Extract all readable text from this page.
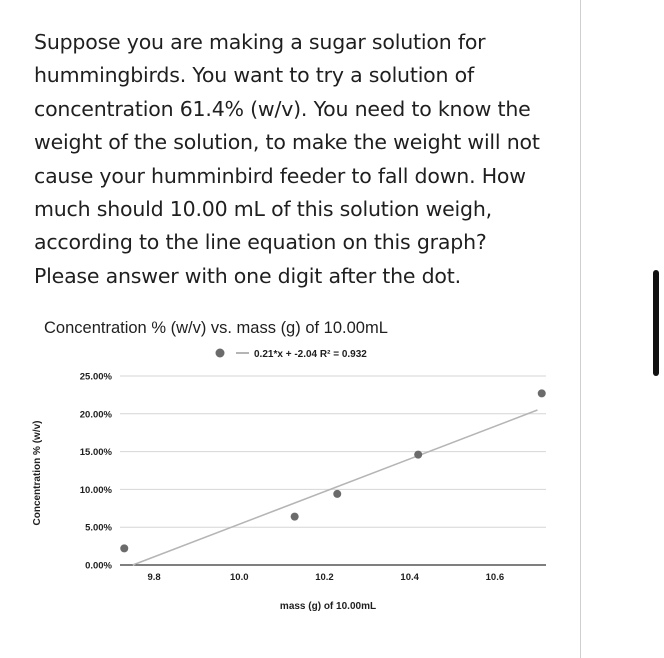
Suppose you are making a sugar solution for hummingbirds. You want to try a solution of concentration 61.4% (w/v). You need to know the weight of the solution, to make the weight will not cause your humminbird feeder to fall down. How much should 10.00 mL of this solution weigh, according to the line equation on this graph? Please answer with one digit after the dot.

Concentration % (w/v) vs. mass (g) of 10.00mL
0.21*x + -2.04 R² = 0.932
0.00%
5.00%
10.00%
15.00%
20.00%
25.00%
9.8	10.0	10.2	10.4	10.6
Concentration % (w/v)
mass (g) of 10.00mL
